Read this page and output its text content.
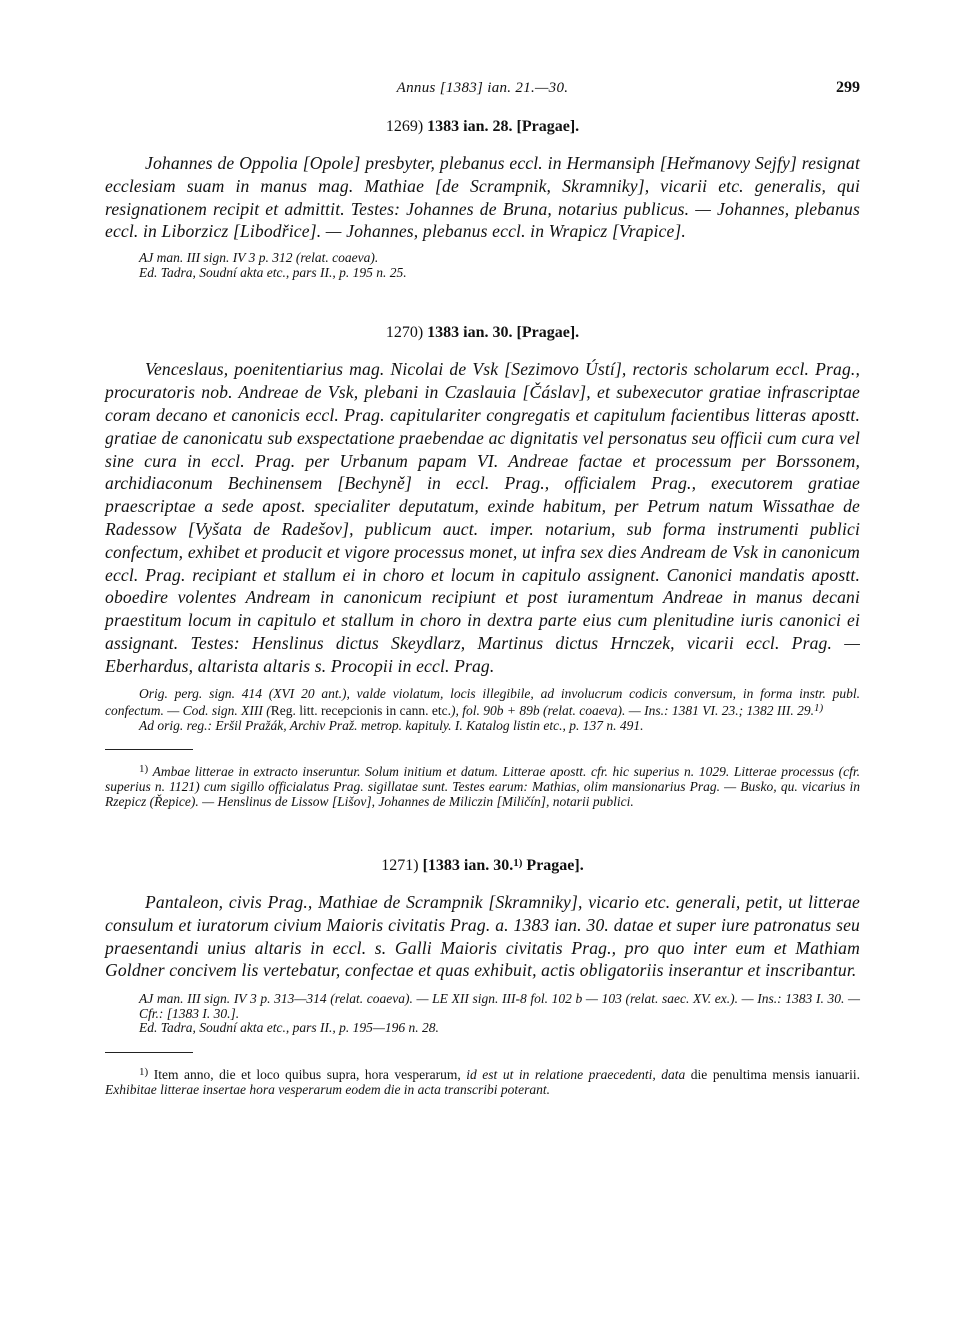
Annus [1383] ian. 21.—30.	299

1269) 1383 ian. 28. [Pragae].

Johannes de Oppolia [Opole] presbyter, plebanus eccl. in Hermansiph [Heřmanovy Sejfy] resignat ecclesiam suam in manus mag. Mathiae [de Scrampnik, Skramniky], vicarii etc. generalis, qui resignationem recipit et admittit. Testes: Johannes de Bruna, notarius publicus. — Johannes, plebanus eccl. in Liborzicz [Libodřice]. — Johannes, plebanus eccl. in Wrapicz [Vrapice].

AJ man. III sign. IV 3 p. 312 (relat. coaeva).

Ed. Tadra, Soudní akta etc., pars II., p. 195 n. 25.

1270) 1383 ian. 30. [Pragae].

Venceslaus, poenitentiarius mag. Nicolai de Vsk [Sezimovo Ústí], rectoris scholarum eccl. Prag., procuratoris nob. Andreae de Vsk, plebani in Czaslauia [Čáslav], et subexecutor gratiae infrascriptae coram decano et canonicis eccl. Prag. capitulariter congregatis et capitulum facientibus litteras apostt. gratiae de canonicatu sub exspectatione praebendae ac dignitatis vel personatus seu officii cum cura vel sine cura in eccl. Prag. per Urbanum papam VI. Andreae factae et processum per Borssonem, archidiaconum Bechinensem [Bechyně] in eccl. Prag., officialem Prag., executorem gratiae praescriptae a sede apost. specialiter deputatum, exinde habitum, per Petrum natum Wissathae de Radessow [Vyšata de Radešov], publicum auct. imper. notarium, sub forma instrumenti publici confectum, exhibet et producit et vigore processus monet, ut infra sex dies Andream de Vsk in canonicum eccl. Prag. recipiant et stallum ei in choro et locum in capitulo assignent. Canonici mandatis apostt. oboedire volentes Andream in canonicum recipiunt et post iuramentum Andreae in manus decani praestitum locum in capitulo et stallum in choro in dextra parte eius cum plenitudine iuris canonici ei assignant. Testes: Henslinus dictus Skeydlarz, Martinus dictus Hrnczek, vicarii eccl. Prag. — Eberhardus, altarista altaris s. Procopii in eccl. Prag.

Orig. perg. sign. 414 (XVI 20 ant.), valde violatum, locis illegibile, ad involucrum codicis conversum, in forma instr. publ. confectum. — Cod. sign. XIII (Reg. litt. recepcionis in cann. etc.), fol. 90b + 89b (relat. coaeva). — Ins.: 1381 VI. 23.; 1382 III. 29.$^{1)}$

Ad orig. reg.: Eršil Pražák, Archiv Praž. metrop. kapituly. I. Katalog listin etc., p. 137 n. 491.

$^{1)}$ Ambae litterae in extracto inseruntur. Solum initium et datum. Litterae apostt. cfr. hic superius n. 1029. Litterae processus (cfr. superius n. 1121) cum sigillo officialatus Prag. sigillatae sunt. Testes earum: Mathias, olim mansionarius Prag. — Busko, qu. vicarius in Rzepicz (Řepice). — Henslinus de Lissow [Lišov], Johannes de Miliczin [Miličín], notarii publici.

1271) [1383 ian. 30.$^{1)}$ Pragae].

Pantaleon, civis Prag., Mathiae de Scrampnik [Skramniky], vicario etc. generali, petit, ut litterae consulum et iuratorum civium Maioris civitatis Prag. a. 1383 ian. 30. datae et super iure patronatus seu praesentandi unius altaris in eccl. s. Galli Maioris civitatis Prag., pro quo inter eum et Mathiam Goldner concivem lis vertebatur, confectae et quas exhibuit, actis obligatoriis inserantur et inscribantur.

AJ man. III sign. IV 3 p. 313—314 (relat. coaeva). — LE XII sign. III-8 fol. 102 b — 103 (relat. saec. XV. ex.). — Ins.: 1383 I. 30. — Cfr.: [1383 I. 30.].

Ed. Tadra, Soudní akta etc., pars II., p. 195—196 n. 28.

$^{1)}$ Item anno, die et loco quibus supra, hora vesperarum, id est ut in relatione praecedenti, data die penultima mensis ianuarii. Exhibitae litterae insertae hora vesperarum eodem die in acta transcribi poterant.
